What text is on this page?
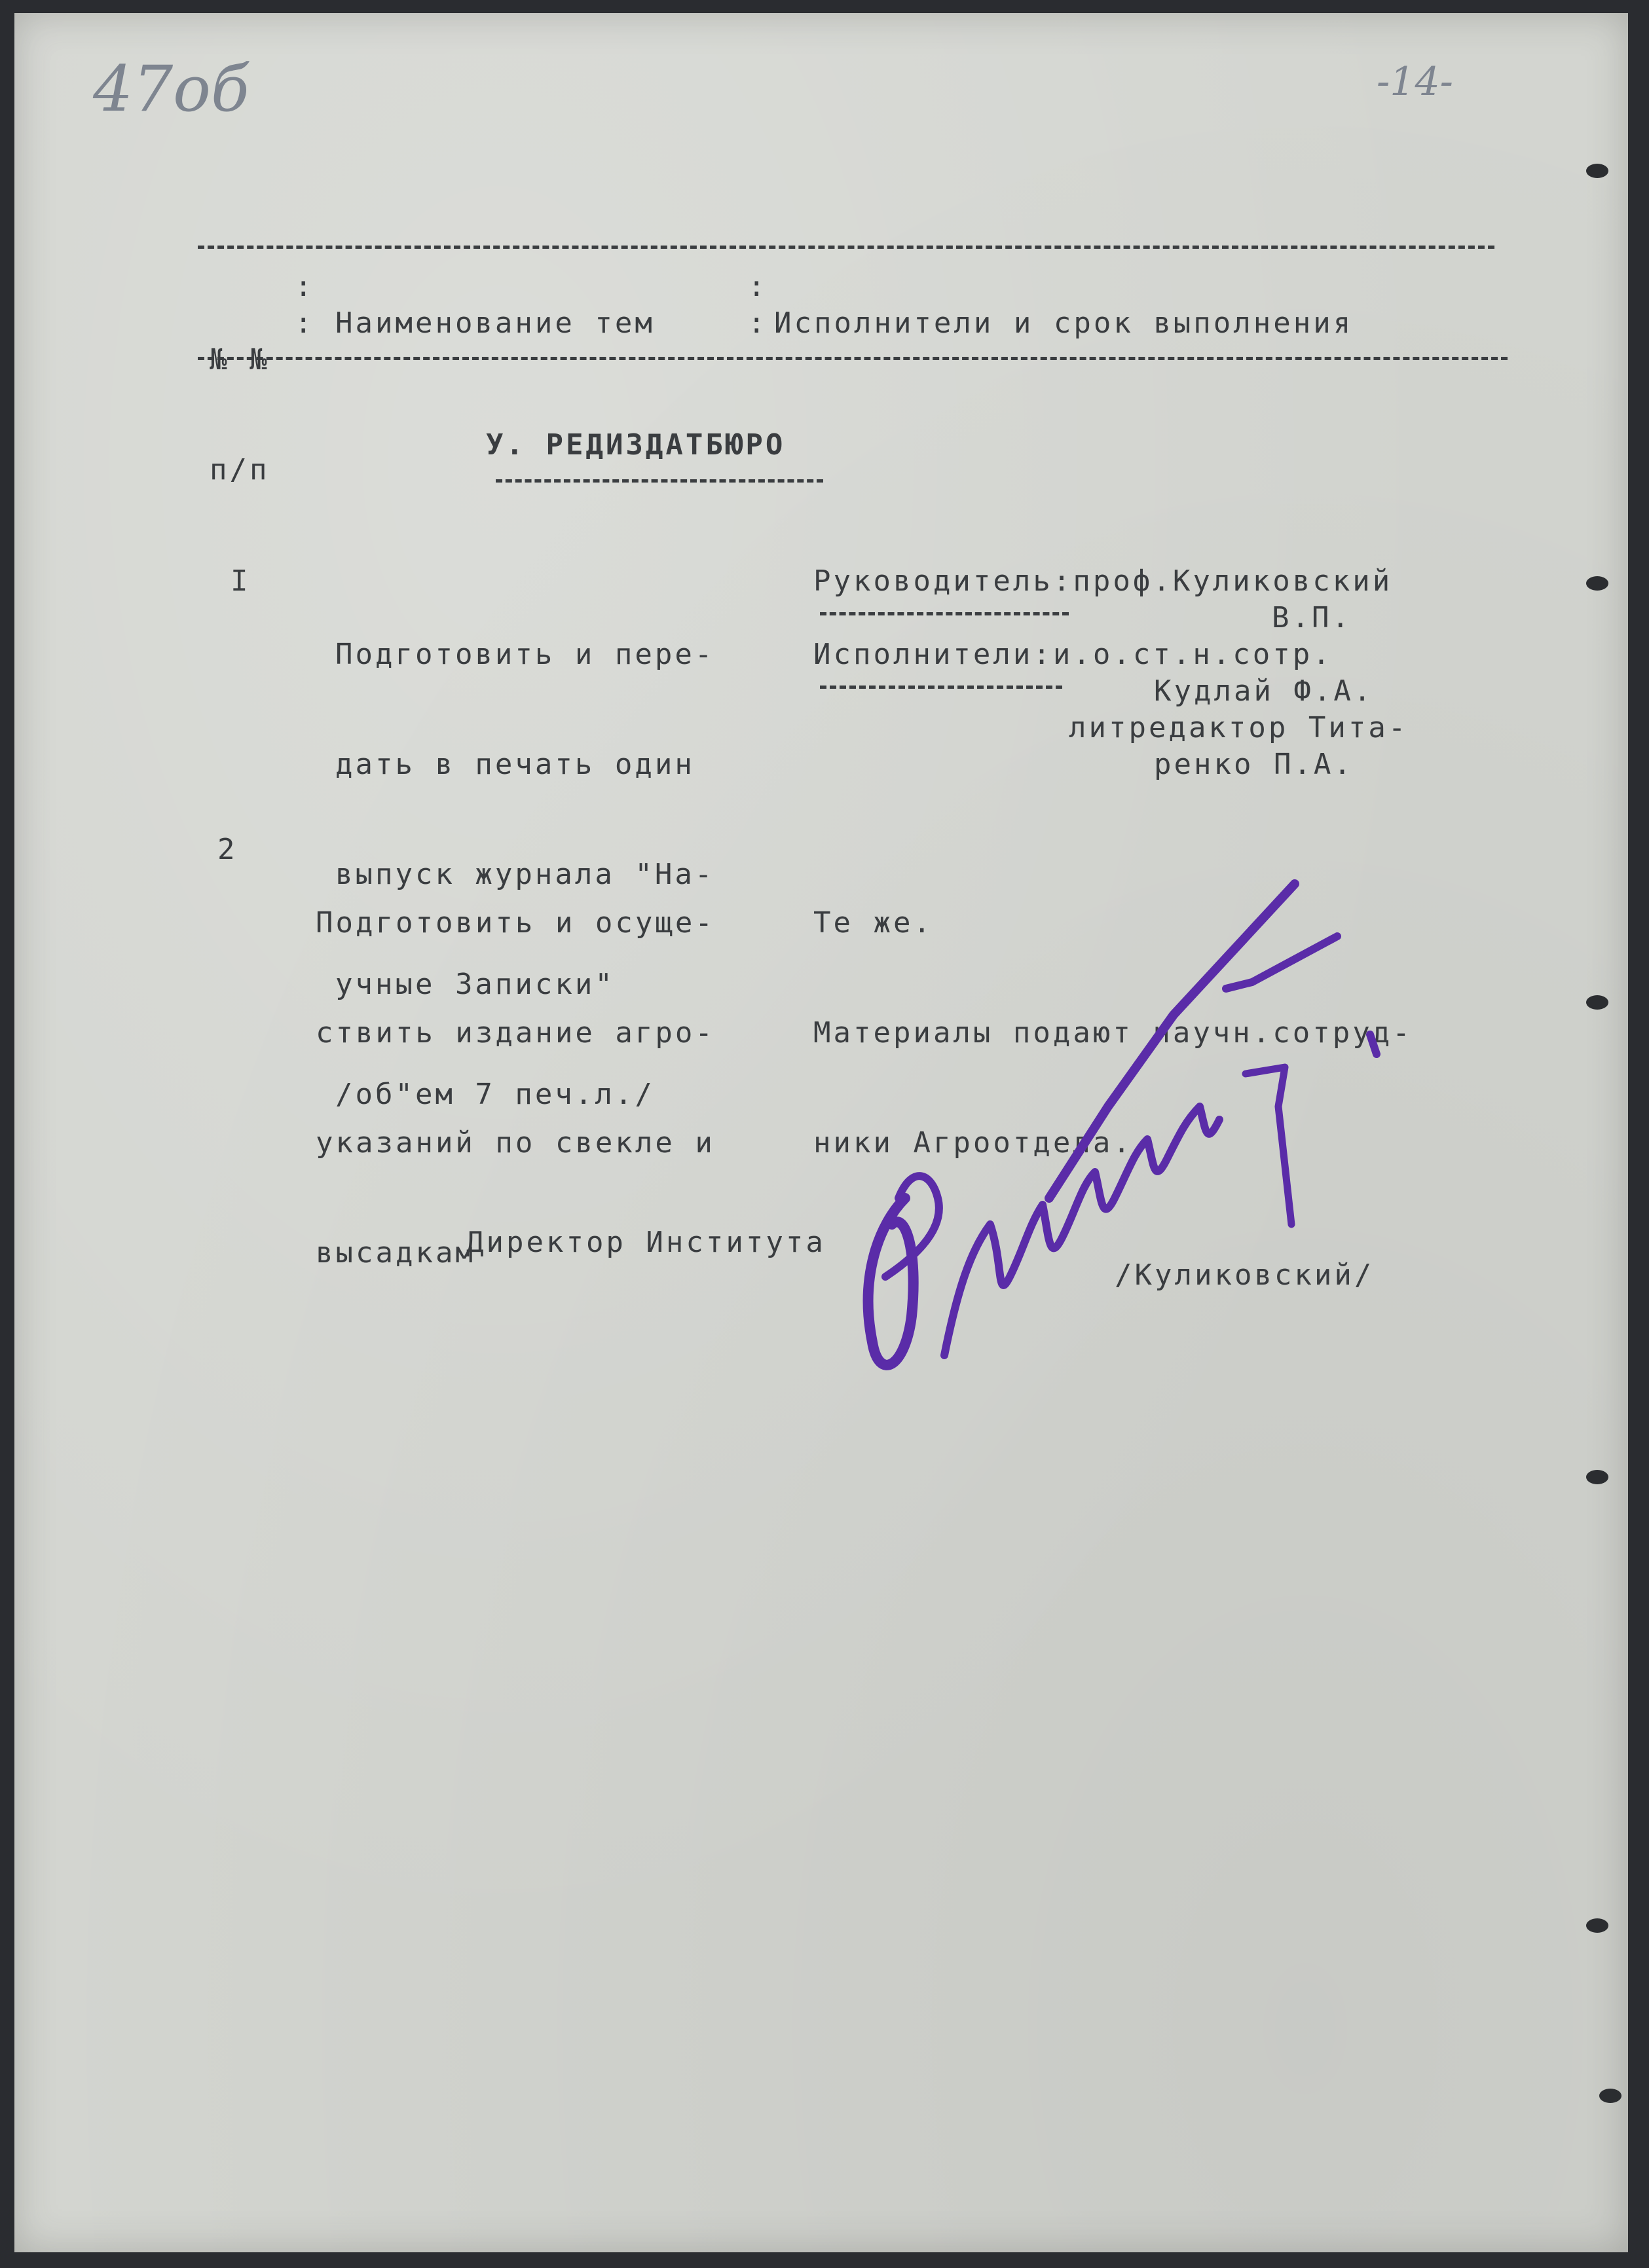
47об	-14-

№ №

п/п

:
: Наименование тем
:
: Исполнители и срок выполнения
У. РЕДИЗДАТБЮРО
I

Подготовить и пере-

дать в печать один

выпуск журнала "На-

учные Записки"

/об"ем 7 печ.л./

Руководитель:проф.Куликовский
В.П.
Исполнители:и.о.ст.н.сотр.
Кудлай Ф.А.
литредактор Тита-
ренко П.А.
2

Подготовить и осуще-

ствить издание агро-

указаний по свекле и

высадкам

Те же.

Материалы подают научн.сотруд-

ники Агроотдела.

Директор Института
/Куликовский/
